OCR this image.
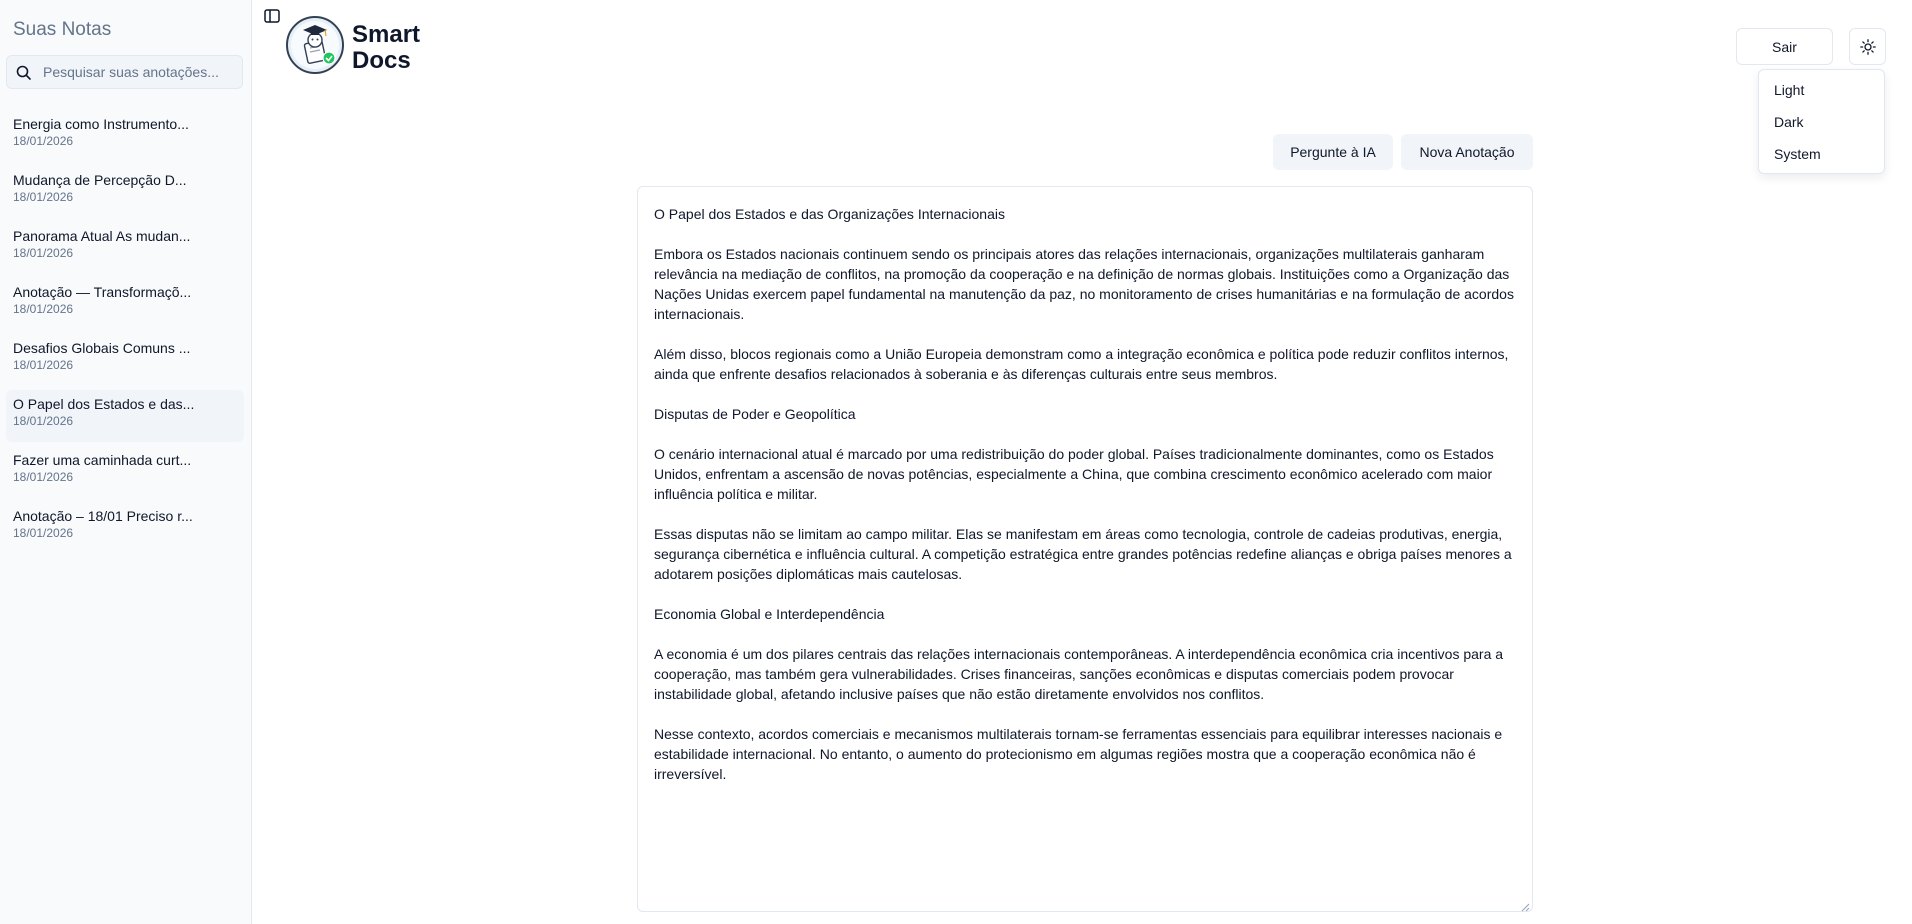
Suas Notas
Pesquisar suas anotações...
Energia como Instrumento...
18/01/2026
Mudança de Percepção D...
18/01/2026
Panorama Atual As mudan...
18/01/2026
Anotação — Transformaçõ...
18/01/2026
Desafios Globais Comuns ...
18/01/2026
O Papel dos Estados e das...
18/01/2026
Fazer uma caminhada curt...
18/01/2026
Anotação – 18/01 Preciso r...
18/01/2026
Smart
Docs
Sair
Light
Dark
System
Pergunte à IA	Nova Anotação
O Papel dos Estados e das Organizações Internacionais

Embora os Estados nacionais continuem sendo os principais atores das relações internacionais, organizações multilaterais ganharam relevância na mediação de conflitos, na promoção da cooperação e na definição de normas globais. Instituições como a Organização das Nações Unidas exercem papel fundamental na manutenção da paz, no monitoramento de crises humanitárias e na formulação de acordos internacionais.

Além disso, blocos regionais como a União Europeia demonstram como a integração econômica e política pode reduzir conflitos internos, ainda que enfrente desafios relacionados à soberania e às diferenças culturais entre seus membros.

Disputas de Poder e Geopolítica

O cenário internacional atual é marcado por uma redistribuição do poder global. Países tradicionalmente dominantes, como os Estados Unidos, enfrentam a ascensão de novas potências, especialmente a China, que combina crescimento econômico acelerado com maior influência política e militar.

Essas disputas não se limitam ao campo militar. Elas se manifestam em áreas como tecnologia, controle de cadeias produtivas, energia, segurança cibernética e influência cultural. A competição estratégica entre grandes potências redefine alianças e obriga países menores a adotarem posições diplomáticas mais cautelosas.

Economia Global e Interdependência

A economia é um dos pilares centrais das relações internacionais contemporâneas. A interdependência econômica cria incentivos para a cooperação, mas também gera vulnerabilidades. Crises financeiras, sanções econômicas e disputas comerciais podem provocar instabilidade global, afetando inclusive países que não estão diretamente envolvidos nos conflitos.

Nesse contexto, acordos comerciais e mecanismos multilaterais tornam-se ferramentas essenciais para equilibrar interesses nacionais e estabilidade internacional. No entanto, o aumento do protecionismo em algumas regiões mostra que a cooperação econômica não é irreversível.
